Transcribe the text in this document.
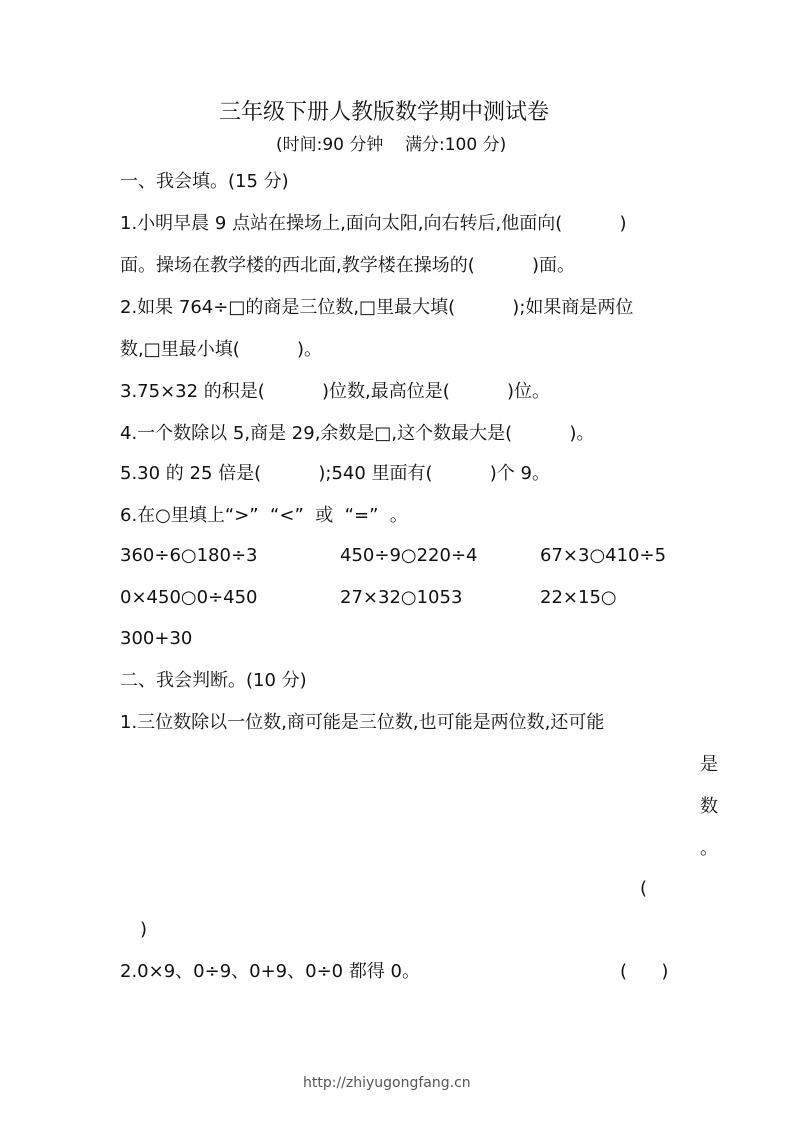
三年级下册人教版数学期中测试卷
(时间:90 分钟    满分:100 分)
一、我会填。(15 分)
1.小明早晨 9 点站在操场上,面向太阳,向右转后,他面向(          )
面。操场在教学楼的西北面,教学楼在操场的(          )面。
2.如果 764÷□的商是三位数,□里最大填(          );如果商是两位
数,□里最小填(          )。
3.75×32 的积是(          )位数,最高位是(          )位。
4.一个数除以 5,商是 29,余数是□,这个数最大是(          )。
5.30 的 25 倍是(          );540 里面有(          )个 9。
6.在○里填上“>”  “<”  或  “=”  。
360÷6○180÷3	450÷9○220÷4	67×3○410÷5
0×450○0÷450	27×32○1053	22×15○
300+30
二、我会判断。(10 分)
1.三位数除以一位数,商可能是三位数,也可能是两位数,还可能
是
数
。
(
)
2.0×9、0÷9、0+9、0÷0 都得 0。	(      )
http://zhiyugongfang.cn
